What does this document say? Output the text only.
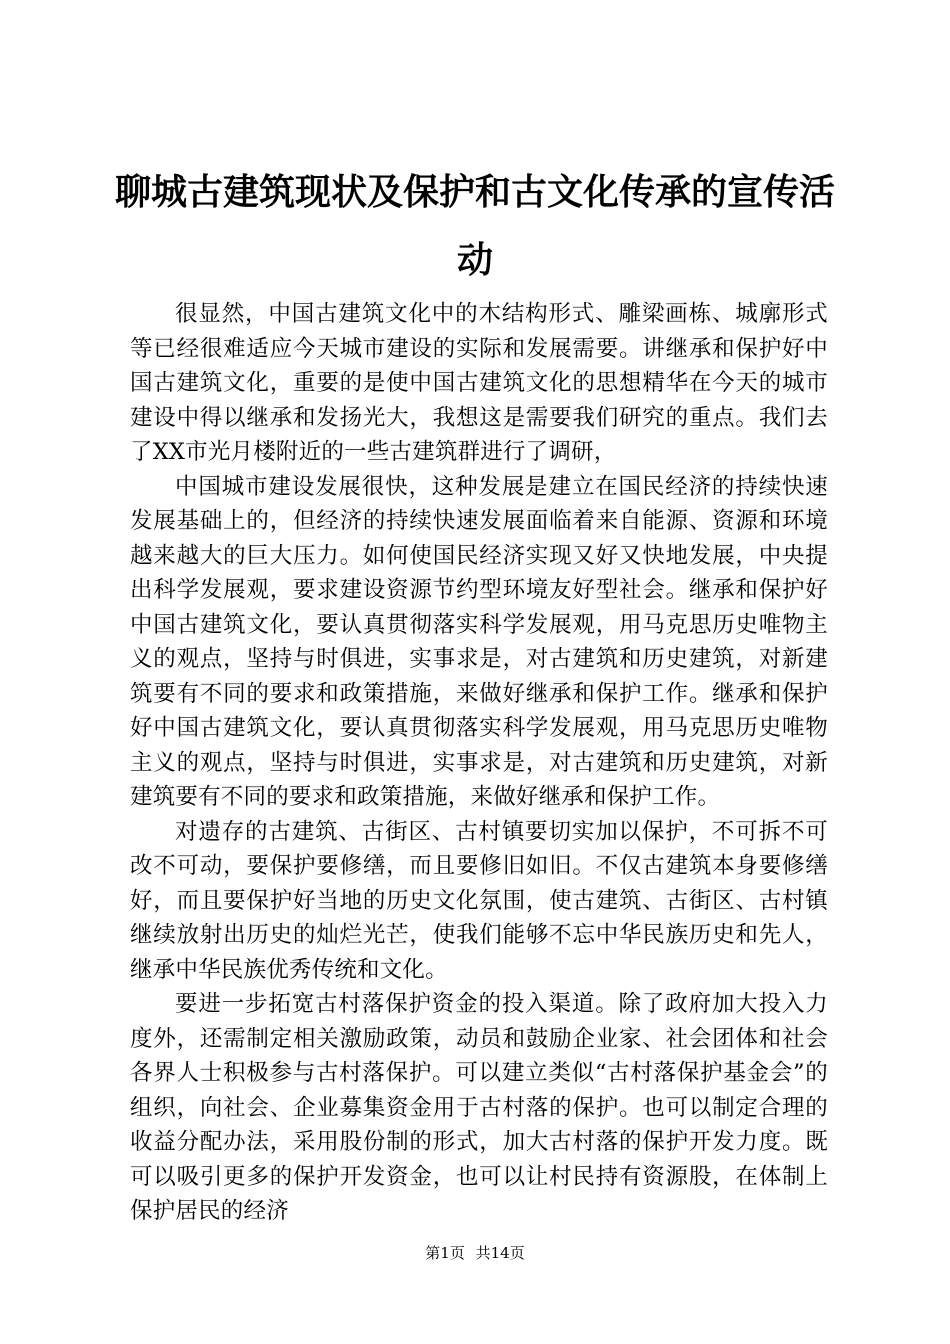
聊城古建筑现状及保护和古文化传承的宣传活动

很显然，中国古建筑文化中的木结构形式、雕梁画栋、城廓形式等已经很难适应今天城市建设的实际和发展需要。讲继承和保护好中国古建筑文化，重要的是使中国古建筑文化的思想精华在今天的城市建设中得以继承和发扬光大，我想这是需要我们研究的重点。我们去了XX市光月楼附近的一些古建筑群进行了调研，

中国城市建设发展很快，这种发展是建立在国民经济的持续快速发展基础上的，但经济的持续快速发展面临着来自能源、资源和环境越来越大的巨大压力。如何使国民经济实现又好又快地发展，中央提出科学发展观，要求建设资源节约型环境友好型社会。继承和保护好中国古建筑文化，要认真贯彻落实科学发展观，用马克思历史唯物主义的观点，坚持与时俱进，实事求是，对古建筑和历史建筑，对新建筑要有不同的要求和政策措施，来做好继承和保护工作。继承和保护好中国古建筑文化，要认真贯彻落实科学发展观，用马克思历史唯物主义的观点，坚持与时俱进，实事求是，对古建筑和历史建筑，对新建筑要有不同的要求和政策措施，来做好继承和保护工作。

对遗存的古建筑、古街区、古村镇要切实加以保护，不可拆不可改不可动，要保护要修缮，而且要修旧如旧。不仅古建筑本身要修缮好，而且要保护好当地的历史文化氛围，使古建筑、古街区、古村镇继续放射出历史的灿烂光芒，使我们能够不忘中华民族历史和先人，继承中华民族优秀传统和文化。

要进一步拓宽古村落保护资金的投入渠道。除了政府加大投入力度外，还需制定相关激励政策，动员和鼓励企业家、社会团体和社会各界人士积极参与古村落保护。可以建立类似“古村落保护基金会”的组织，向社会、企业募集资金用于古村落的保护。也可以制定合理的收益分配办法，采用股份制的形式，加大古村落的保护开发力度。既可以吸引更多的保护开发资金，也可以让村民持有资源股，在体制上保护居民的经济

第1页 共14页
